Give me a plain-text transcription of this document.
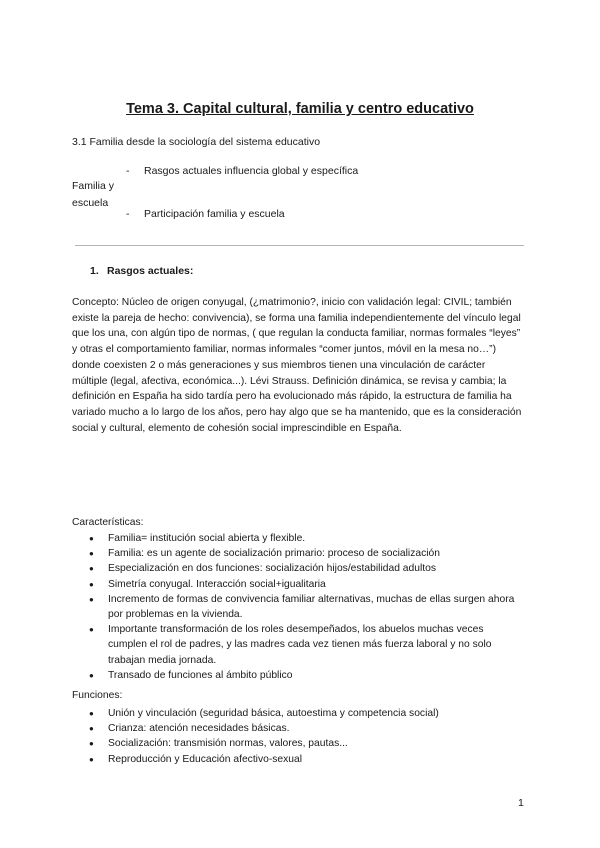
Tema 3. Capital cultural, familia y centro educativo

3.1 Familia desde la sociología del sistema educativo

Familia y
escuela
- Rasgos actuales influencia global y específica
- Participación familia y escuela
1. Rasgos actuales:

Concepto: Núcleo de origen conyugal, (¿matrimonio?, inicio con validación legal: CIVIL; también existe la pareja de hecho: convivencia), se forma una familia independientemente del vínculo legal que los una, con algún tipo de normas, ( que regulan la conducta familiar, normas formales “leyes” y otras el comportamiento familiar, normas informales “comer juntos, móvil en la mesa no…”) donde coexisten 2 o más generaciones y sus miembros tienen una vinculación de carácter múltiple (legal, afectiva, económica...). Lévi Strauss. Definición dinámica, se revisa y cambia; la definición en España ha sido tardía pero ha evolucionado más rápido, la estructura de familia ha variado mucho a lo largo de los años, pero hay algo que se ha mantenido, que es la consideración social y cultural, elemento de cohesión social imprescindible en España.

Características:

● Familia= institución social abierta y flexible.
● Familia: es un agente de socialización primario: proceso de socialización
● Especialización en dos funciones: socialización hijos/estabilidad adultos
● Simetría conyugal. Interacción social+igualitaria
● Incremento de formas de convivencia familiar alternativas, muchas de ellas surgen ahora por problemas en la vivienda.
● Importante transformación de los roles desempeñados, los abuelos muchas veces cumplen el rol de padres, y las madres cada vez tienen más fuerza laboral y no solo trabajan media jornada.
● Transado de funciones al ámbito público

Funciones:

● Unión y vinculación (seguridad básica, autoestima y competencia social)
● Crianza: atención necesidades básicas.
● Socialización: transmisión normas, valores, pautas...
● Reproducción y Educación afectivo-sexual
1
